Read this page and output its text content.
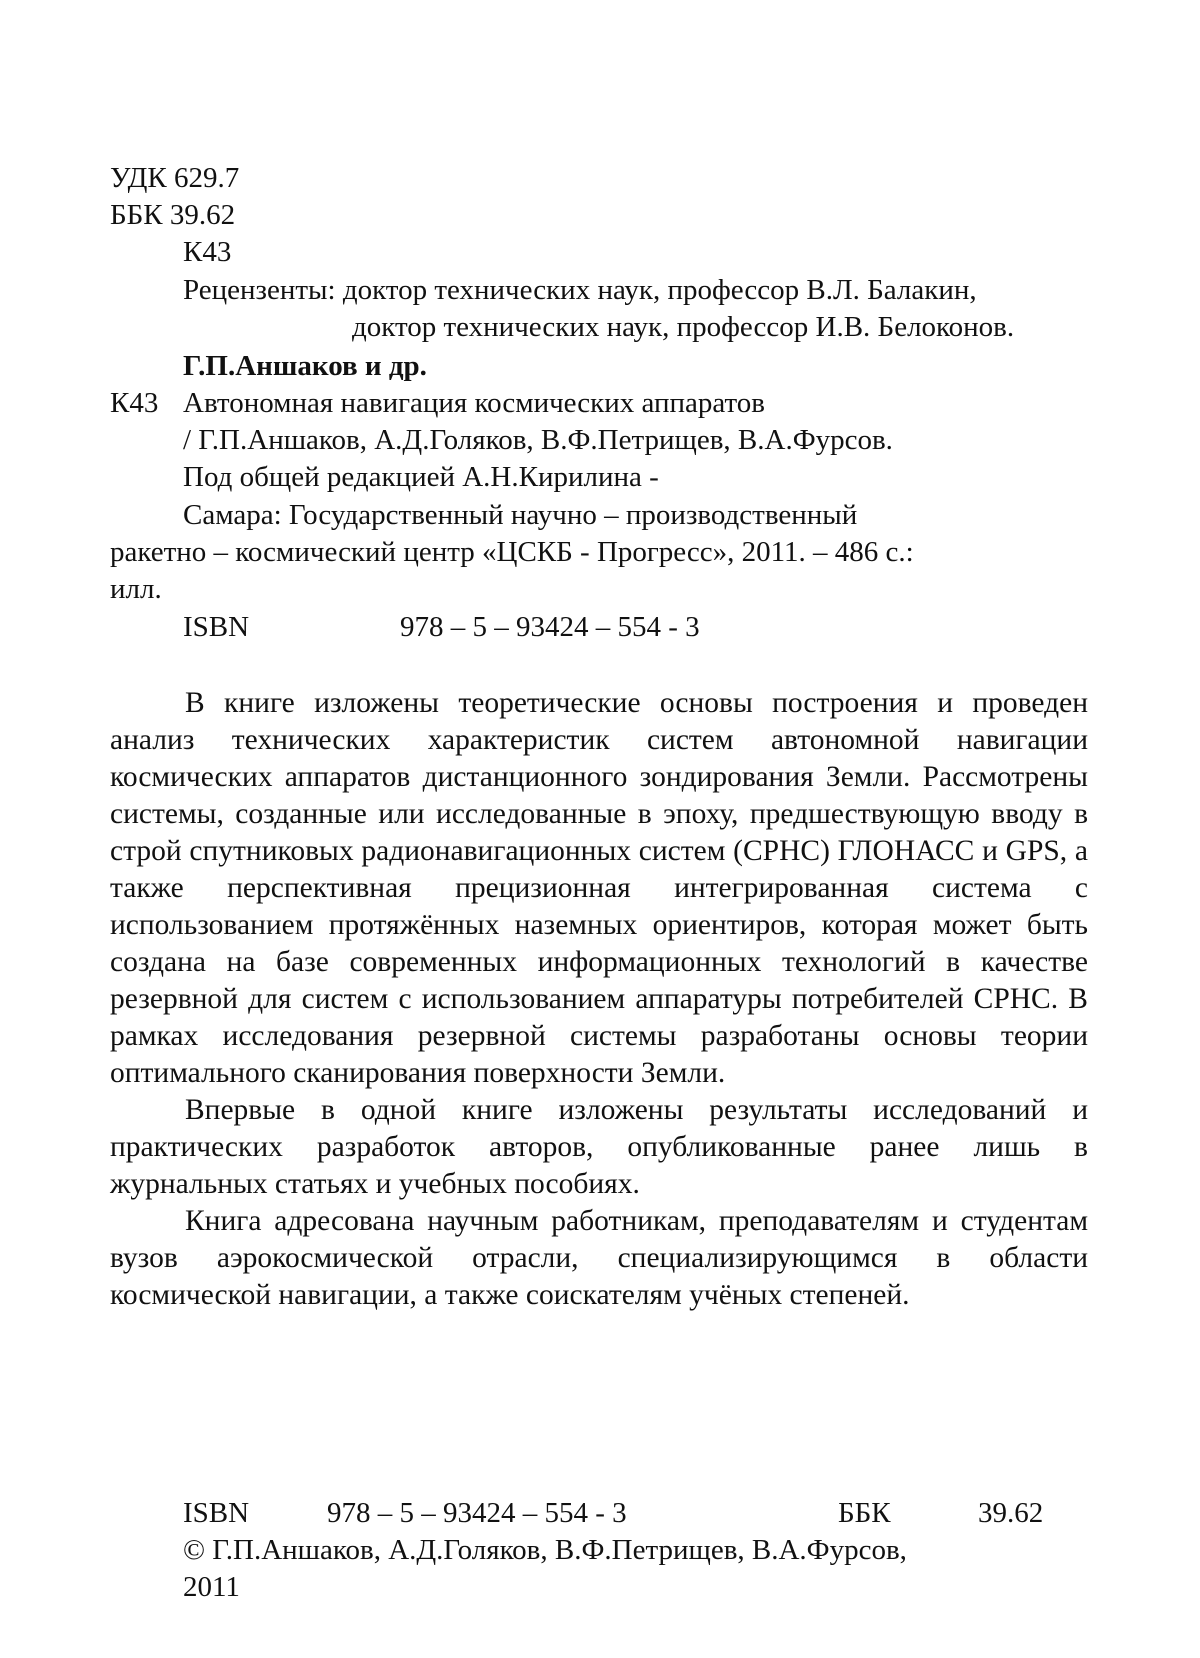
УДК 629.7
ББК 39.62
К43
Рецензенты: доктор технических наук, профессор В.Л. Балакин,
доктор технических наук, профессор И.В. Белоконов.
Г.П.Аншаков и др.
К43 Автономная навигация космических аппаратов
/ Г.П.Аншаков, А.Д.Голяков, В.Ф.Петрищев, В.А.Фурсов.
Под общей редакцией А.Н.Кирилина -
Самара: Государственный научно – производственный
ракетно – космический центр «ЦСКБ - Прогресс», 2011. – 486 с.:
илл.
ISBN	978 – 5 – 93424 – 554 - 3

В книге изложены теоретические основы построения и проведен анализ технических характеристик систем автономной навигации космических аппаратов дистанционного зондирования Земли. Рассмотрены системы, созданные или исследованные в эпоху, предшествующую вводу в строй спутниковых радионавигационных систем (СРНС) ГЛОНАСС и GPS, а также перспективная прецизионная интегрированная система с использованием протяжённых наземных ориентиров, которая может быть создана на базе современных информационных технологий в качестве резервной для систем с использованием аппаратуры потребителей СРНС. В рамках исследования резервной системы разработаны основы теории оптимального сканирования поверхности Земли.

Впервые в одной книге изложены результаты исследований и практических разработок авторов, опубликованные ранее лишь в журнальных статьях и учебных пособиях.

Книга адресована научным работникам, преподавателям и студентам вузов аэрокосмической отрасли, специализирующимся в области космической навигации, а также соискателям учёных степеней.

ISBN	978 – 5 – 93424 – 554 - 3	ББК	39.62
© Г.П.Аншаков, А.Д.Голяков, В.Ф.Петрищев, В.А.Фурсов,
2011
